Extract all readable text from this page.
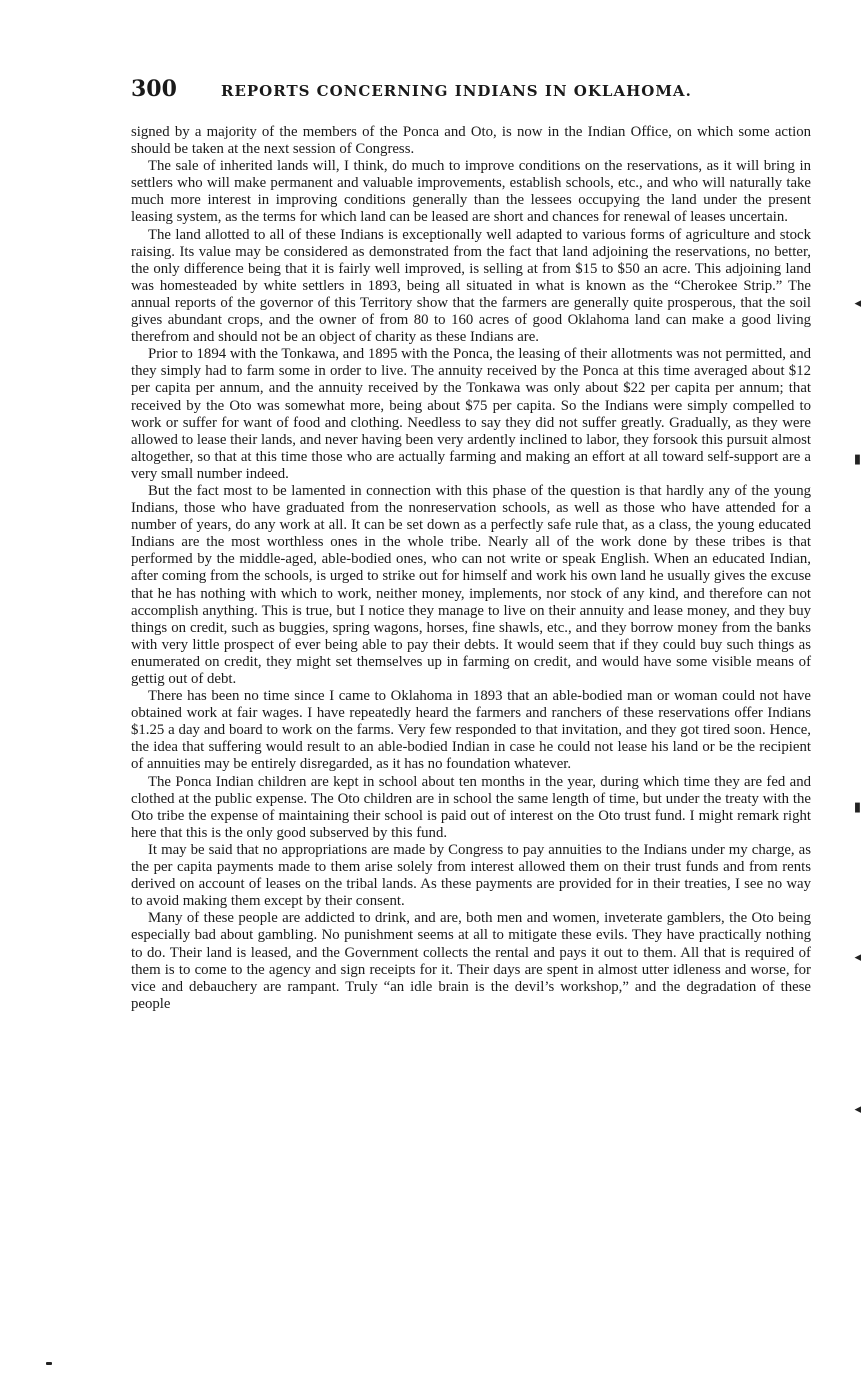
300	REPORTS CONCERNING INDIANS IN OKLAHOMA.

signed by a majority of the members of the Ponca and Oto, is now in the Indian Office, on which some action should be taken at the next session of Congress.

The sale of inherited lands will, I think, do much to improve conditions on the reservations, as it will bring in settlers who will make permanent and valuable improvements, establish schools, etc., and who will naturally take much more interest in improving conditions generally than the lessees occupying the land under the present leasing system, as the terms for which land can be leased are short and chances for renewal of leases uncertain.

The land allotted to all of these Indians is exceptionally well adapted to various forms of agriculture and stock raising. Its value may be considered as demonstrated from the fact that land adjoining the reservations, no better, the only difference being that it is fairly well improved, is selling at from $15 to $50 an acre. This adjoining land was homesteaded by white settlers in 1893, being all situated in what is known as the “Cherokee Strip.” The annual reports of the governor of this Territory show that the farmers are generally quite prosperous, that the soil gives abundant crops, and the owner of from 80 to 160 acres of good Oklahoma land can make a good living therefrom and should not be an object of charity as these Indians are.

Prior to 1894 with the Tonkawa, and 1895 with the Ponca, the leasing of their allotments was not permitted, and they simply had to farm some in order to live. The annuity received by the Ponca at this time averaged about $12 per capita per annum, and the annuity received by the Tonkawa was only about $22 per capita per annum; that received by the Oto was somewhat more, being about $75 per capita. So the Indians were simply compelled to work or suffer for want of food and clothing. Needless to say they did not suffer greatly. Gradually, as they were allowed to lease their lands, and never having been very ardently inclined to labor, they forsook this pursuit almost altogether, so that at this time those who are actually farming and making an effort at all toward self-support are a very small number indeed.

But the fact most to be lamented in connection with this phase of the question is that hardly any of the young Indians, those who have graduated from the nonreservation schools, as well as those who have attended for a number of years, do any work at all. It can be set down as a perfectly safe rule that, as a class, the young educated Indians are the most worthless ones in the whole tribe. Nearly all of the work done by these tribes is that performed by the middle-aged, able-bodied ones, who can not write or speak English. When an educated Indian, after coming from the schools, is urged to strike out for himself and work his own land he usually gives the excuse that he has nothing with which to work, neither money, implements, nor stock of any kind, and therefore can not accomplish anything. This is true, but I notice they manage to live on their annuity and lease money, and they buy things on credit, such as buggies, spring wagons, horses, fine shawls, etc., and they borrow money from the banks with very little prospect of ever being able to pay their debts. It would seem that if they could buy such things as enumerated on credit, they might set themselves up in farming on credit, and would have some visible means of gettig out of debt.

There has been no time since I came to Oklahoma in 1893 that an able-bodied man or woman could not have obtained work at fair wages. I have repeatedly heard the farmers and ranchers of these reservations offer Indians $1.25 a day and board to work on the farms. Very few responded to that invitation, and they got tired soon. Hence, the idea that suffering would result to an able-bodied Indian in case he could not lease his land or be the recipient of annuities may be entirely disregarded, as it has no foundation whatever.

The Ponca Indian children are kept in school about ten months in the year, during which time they are fed and clothed at the public expense. The Oto children are in school the same length of time, but under the treaty with the Oto tribe the expense of maintaining their school is paid out of interest on the Oto trust fund. I might remark right here that this is the only good subserved by this fund.

It may be said that no appropriations are made by Congress to pay annuities to the Indians under my charge, as the per capita payments made to them arise solely from interest allowed them on their trust funds and from rents derived on account of leases on the tribal lands. As these payments are provided for in their treaties, I see no way to avoid making them except by their consent.

Many of these people are addicted to drink, and are, both men and women, inveterate gamblers, the Oto being especially bad about gambling. No punishment seems at all to mitigate these evils. They have practically nothing to do. Their land is leased, and the Government collects the rental and pays it out to them. All that is required of them is to come to the agency and sign receipts for it. Their days are spent in almost utter idleness and worse, for vice and debauchery are rampant. Truly “an idle brain is the devil’s workshop,” and the degradation of these people

◂
▮
▮
◂
◂
